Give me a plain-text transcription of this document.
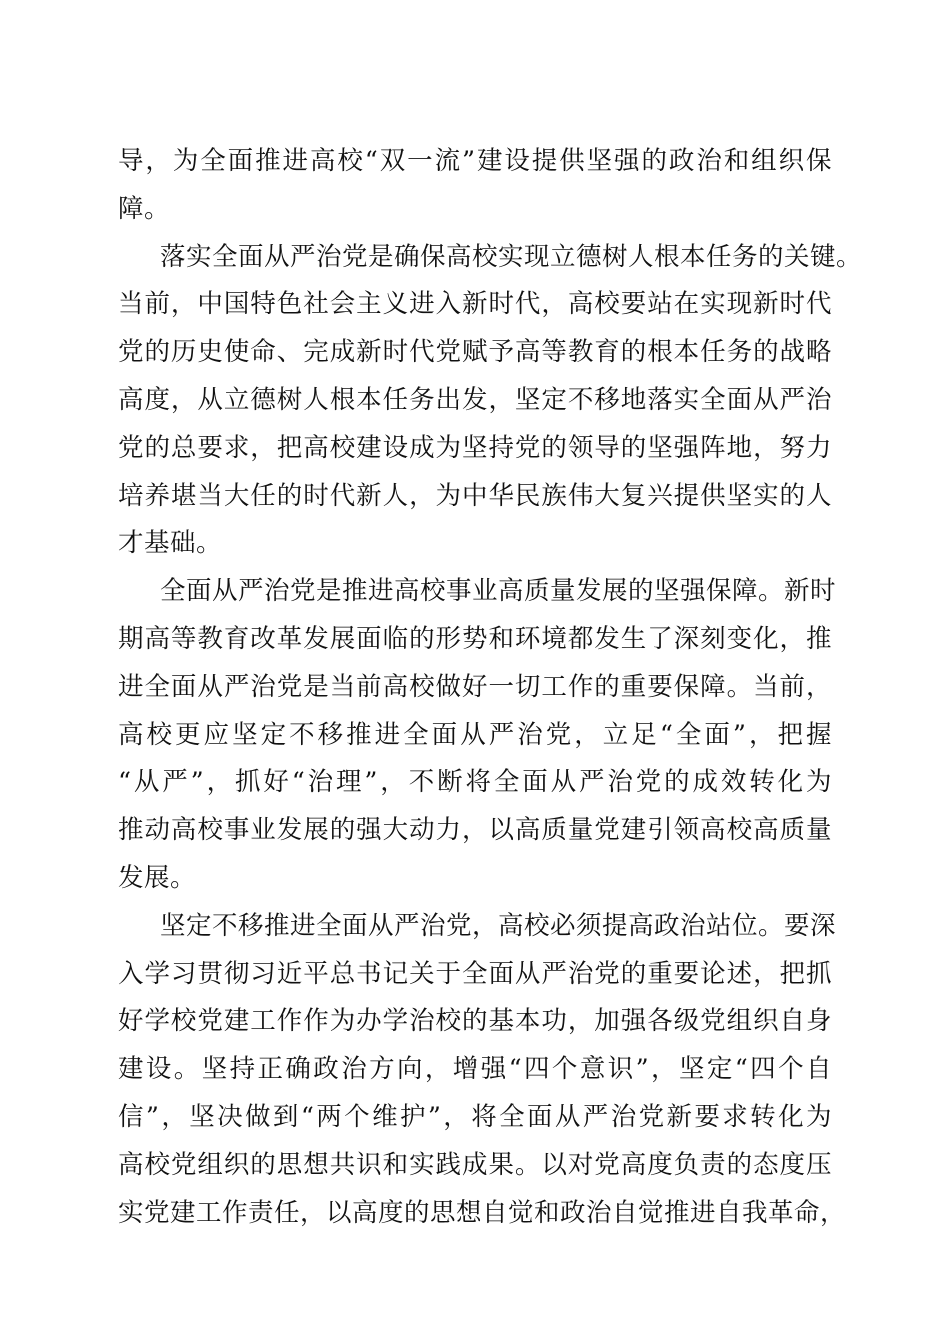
导，为全面推进高校“双一流”建设提供坚强的政治和组织保
障。
落实全面从严治党是确保高校实现立德树人根本任务的关键。
当前，中国特色社会主义进入新时代，高校要站在实现新时代
党的历史使命、完成新时代党赋予高等教育的根本任务的战略
高度，从立德树人根本任务出发，坚定不移地落实全面从严治
党的总要求，把高校建设成为坚持党的领导的坚强阵地，努力
培养堪当大任的时代新人，为中华民族伟大复兴提供坚实的人
才基础。
全面从严治党是推进高校事业高质量发展的坚强保障。新时
期高等教育改革发展面临的形势和环境都发生了深刻变化，推
进全面从严治党是当前高校做好一切工作的重要保障。当前，
高校更应坚定不移推进全面从严治党，立足“全面”，把握
“从严”，抓好“治理”，不断将全面从严治党的成效转化为
推动高校事业发展的强大动力，以高质量党建引领高校高质量
发展。
坚定不移推进全面从严治党，高校必须提高政治站位。要深
入学习贯彻习近平总书记关于全面从严治党的重要论述，把抓
好学校党建工作作为办学治校的基本功，加强各级党组织自身
建设。坚持正确政治方向，增强“四个意识”，坚定“四个自
信”，坚决做到“两个维护”，将全面从严治党新要求转化为
高校党组织的思想共识和实践成果。以对党高度负责的态度压
实党建工作责任，以高度的思想自觉和政治自觉推进自我革命，
